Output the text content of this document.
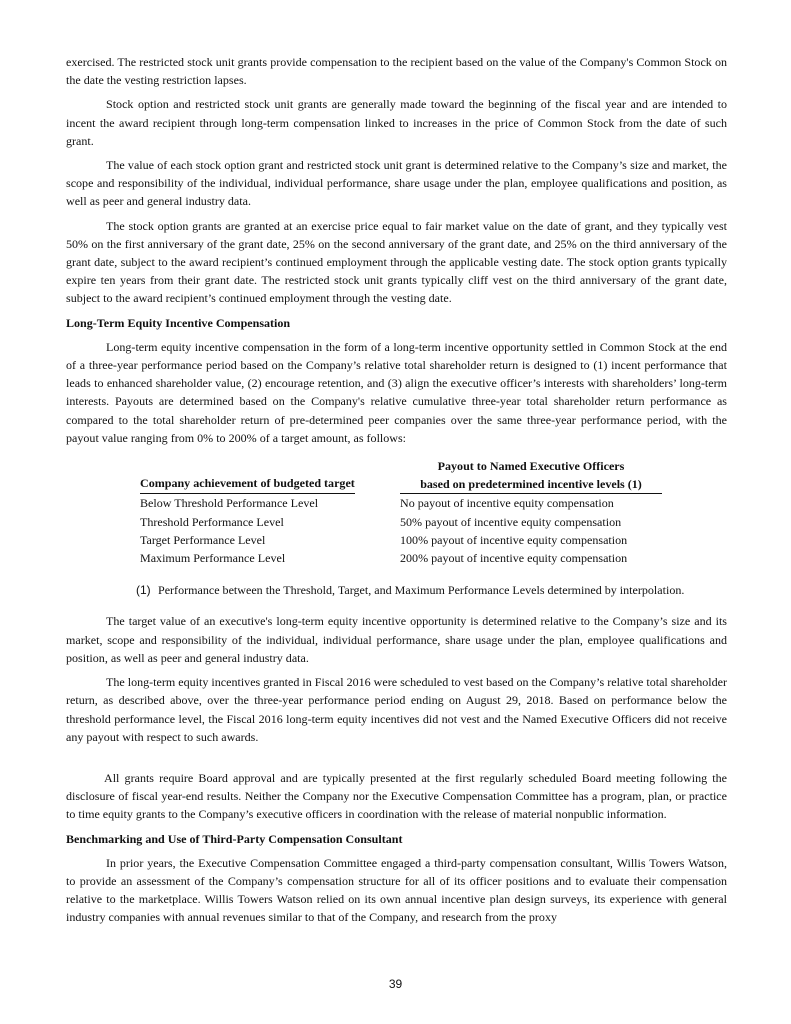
exercised. The restricted stock unit grants provide compensation to the recipient based on the value of the Company's Common Stock on the date the vesting restriction lapses.

Stock option and restricted stock unit grants are generally made toward the beginning of the fiscal year and are intended to incent the award recipient through long-term compensation linked to increases in the price of Common Stock from the date of such grant.

The value of each stock option grant and restricted stock unit grant is determined relative to the Company’s size and market, the scope and responsibility of the individual, individual performance, share usage under the plan, employee qualifications and position, as well as peer and general industry data.

The stock option grants are granted at an exercise price equal to fair market value on the date of grant, and they typically vest 50% on the first anniversary of the grant date, 25% on the second anniversary of the grant date, and 25% on the third anniversary of the grant date, subject to the award recipient’s continued employment through the applicable vesting date. The stock option grants typically expire ten years from their grant date. The restricted stock unit grants typically cliff vest on the third anniversary of the grant date, subject to the award recipient’s continued employment through the vesting date.

Long-Term Equity Incentive Compensation

Long-term equity incentive compensation in the form of a long-term incentive opportunity settled in Common Stock at the end of a three-year performance period based on the Company’s relative total shareholder return is designed to (1) incent performance that leads to enhanced shareholder value, (2) encourage retention, and (3) align the executive officer’s interests with shareholders’ long-term interests. Payouts are determined based on the Company's relative cumulative three-year total shareholder return performance as compared to the total shareholder return of pre-determined peer companies over the same three-year performance period, with the payout value ranging from 0% to 200% of a target amount, as follows:

Company achievement of budgeted target	Payout to Named Executive Officers
based on predetermined incentive levels (1)

Below Threshold Performance Level	No payout of incentive equity compensation
Threshold Performance Level	50% payout of incentive equity compensation
Target Performance Level	100% payout of incentive equity compensation
Maximum Performance Level	200% payout of incentive equity compensation
(1) Performance between the Threshold, Target, and Maximum Performance Levels determined by interpolation.

The target value of an executive's long-term equity incentive opportunity is determined relative to the Company’s size and its market, scope and responsibility of the individual, individual performance, share usage under the plan, employee qualifications and position, as well as peer and general industry data.

The long-term equity incentives granted in Fiscal 2016 were scheduled to vest based on the Company’s relative total shareholder return, as described above, over the three-year performance period ending on August 29, 2018. Based on performance below the threshold performance level, the Fiscal 2016 long-term equity incentives did not vest and the Named Executive Officers did not receive any payout with respect to such awards.

All grants require Board approval and are typically presented at the first regularly scheduled Board meeting following the disclosure of fiscal year-end results. Neither the Company nor the Executive Compensation Committee has a program, plan, or practice to time equity grants to the Company’s executive officers in coordination with the release of material nonpublic information.

Benchmarking and Use of Third-Party Compensation Consultant

In prior years, the Executive Compensation Committee engaged a third-party compensation consultant, Willis Towers Watson, to provide an assessment of the Company’s compensation structure for all of its officer positions and to evaluate their compensation relative to the marketplace. Willis Towers Watson relied on its own annual incentive plan design surveys, its experience with general industry companies with annual revenues similar to that of the Company, and research from the proxy

39
